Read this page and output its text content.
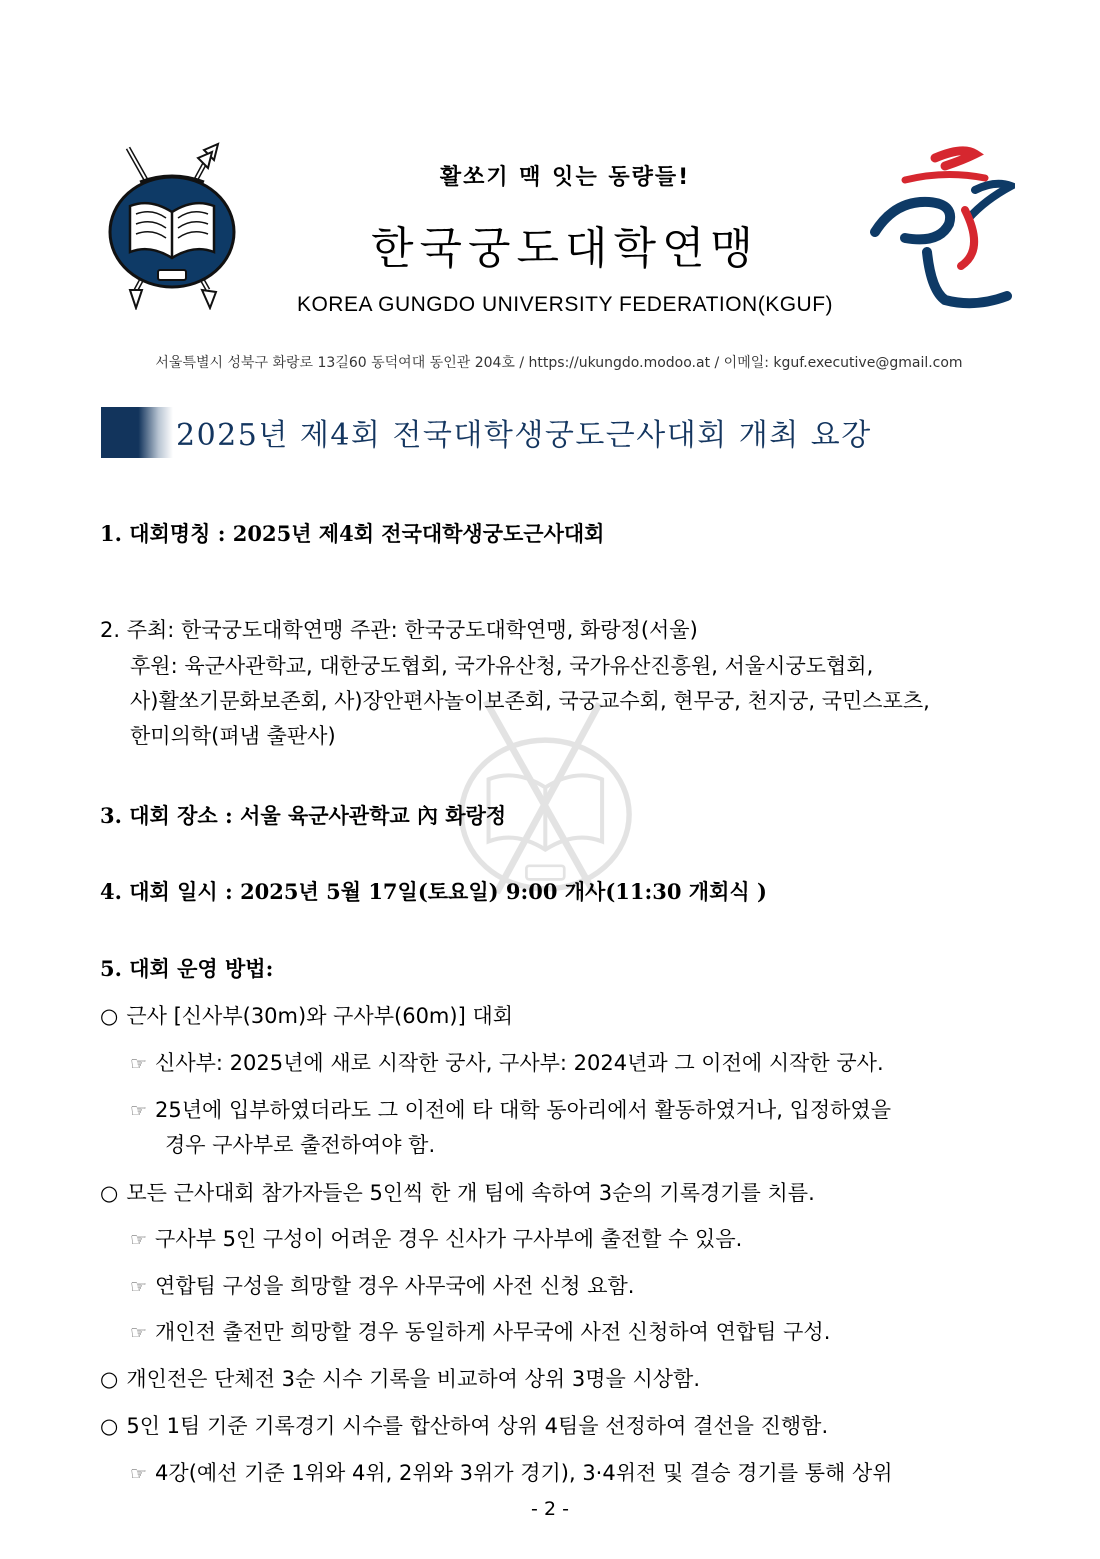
활쏘기 맥 잇는 동량들!
한국궁도대학연맹
KOREA GUNGDO UNIVERSITY FEDERATION(KGUF)
서울특별시 성북구 화랑로 13길60 동덕여대 동인관 204호 / https://ukungdo.modoo.at / 이메일: kguf.executive@gmail.com
2025년 제4회 전국대학생궁도근사대회 개최 요강
1. 대회명칭 : 2025년 제4회 전국대학생궁도근사대회
2. 주최: 한국궁도대학연맹 주관: 한국궁도대학연맹, 화랑정(서울)
후원: 육군사관학교, 대한궁도협회, 국가유산청, 국가유산진흥원, 서울시궁도협회,
사)활쏘기문화보존회, 사)장안편사놀이보존회, 국궁교수회, 현무궁, 천지궁, 국민스포츠,
한미의학(펴냄 출판사)
3. 대회 장소 : 서울 육군사관학교 內 화랑정
4. 대회 일시 : 2025년 5월 17일(토요일) 9:00 개사(11:30 개회식 )
5. 대회 운영 방법:
○ 근사 [신사부(30m)와 구사부(60m)] 대회
☞ 신사부: 2025년에 새로 시작한 궁사, 구사부: 2024년과 그 이전에 시작한 궁사.
☞ 25년에 입부하였더라도 그 이전에 타 대학 동아리에서 활동하였거나, 입정하였을
경우 구사부로 출전하여야 함.
○ 모든 근사대회 참가자들은 5인씩 한 개 팀에 속하여 3순의 기록경기를 치름.
☞ 구사부 5인 구성이 어려운 경우 신사가 구사부에 출전할 수 있음.
☞ 연합팀 구성을 희망할 경우 사무국에 사전 신청 요함.
☞ 개인전 출전만 희망할 경우 동일하게 사무국에 사전 신청하여 연합팀 구성.
○ 개인전은 단체전 3순 시수 기록을 비교하여 상위 3명을 시상함.
○ 5인 1팀 기준 기록경기 시수를 합산하여 상위 4팀을 선정하여 결선을 진행함.
☞ 4강(예선 기준 1위와 4위, 2위와 3위가 경기), 3·4위전 및 결승 경기를 통해 상위
- 2 -
